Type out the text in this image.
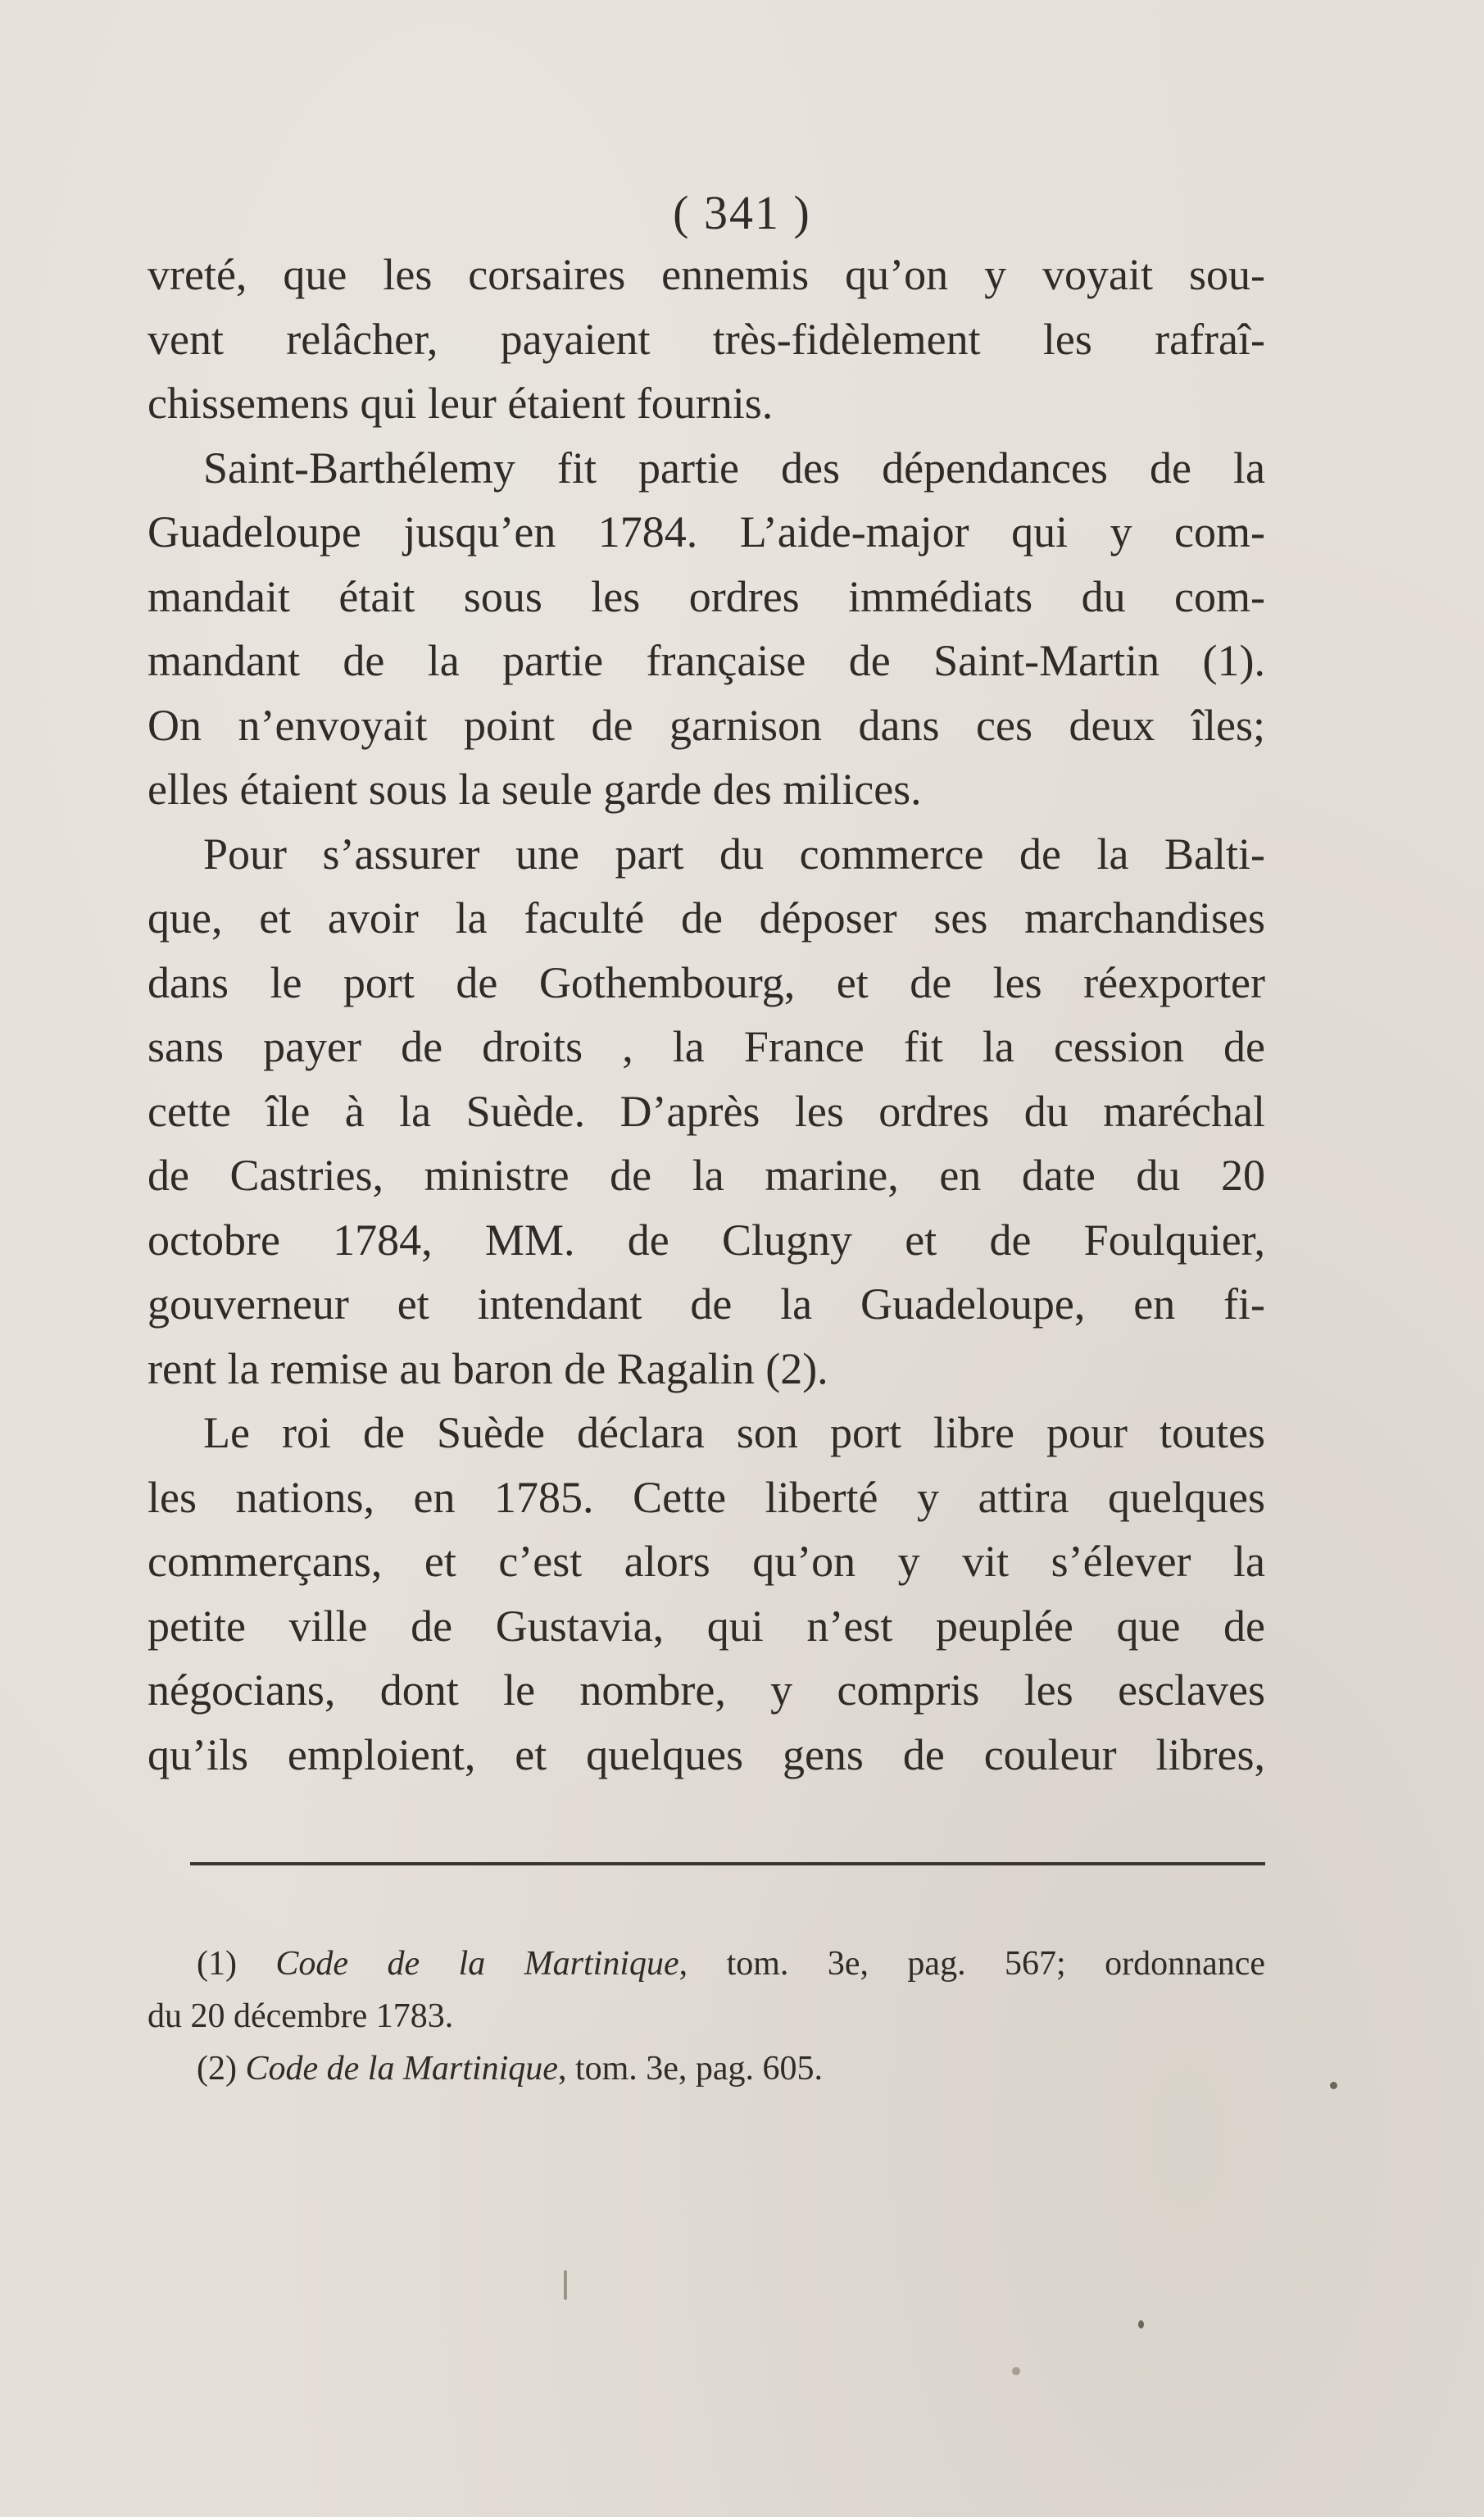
( 341 )
vreté, que les corsaires ennemis qu’on y voyait sou-
vent relâcher, payaient très-fidèlement les rafraî-
chissemens qui leur étaient fournis.
Saint-Barthélemy fit partie des dépendances de la
Guadeloupe jusqu’en 1784. L’aide-major qui y com-
mandait était sous les ordres immédiats du com-
mandant de la partie française de Saint-Martin (1).
On n’envoyait point de garnison dans ces deux îles;
elles étaient sous la seule garde des milices.
Pour s’assurer une part du commerce de la Balti-
que, et avoir la faculté de déposer ses marchandises
dans le port de Gothembourg, et de les réexporter
sans payer de droits , la France fit la cession de
cette île à la Suède. D’après les ordres du maréchal
de Castries, ministre de la marine, en date du 20
octobre 1784, MM. de Clugny et de Foulquier,
gouverneur et intendant de la Guadeloupe, en fi-
rent la remise au baron de Ragalin (2).
Le roi de Suède déclara son port libre pour toutes
les nations, en 1785. Cette liberté y attira quelques
commerçans, et c’est alors qu’on y vit s’élever la
petite ville de Gustavia, qui n’est peuplée que de
négocians, dont le nombre, y compris les esclaves
qu’ils emploient, et quelques gens de couleur libres,
(1) Code de la Martinique, tom. 3e, pag. 567; ordonnance
du 20 décembre 1783.
(2) Code de la Martinique, tom. 3e, pag. 605.
